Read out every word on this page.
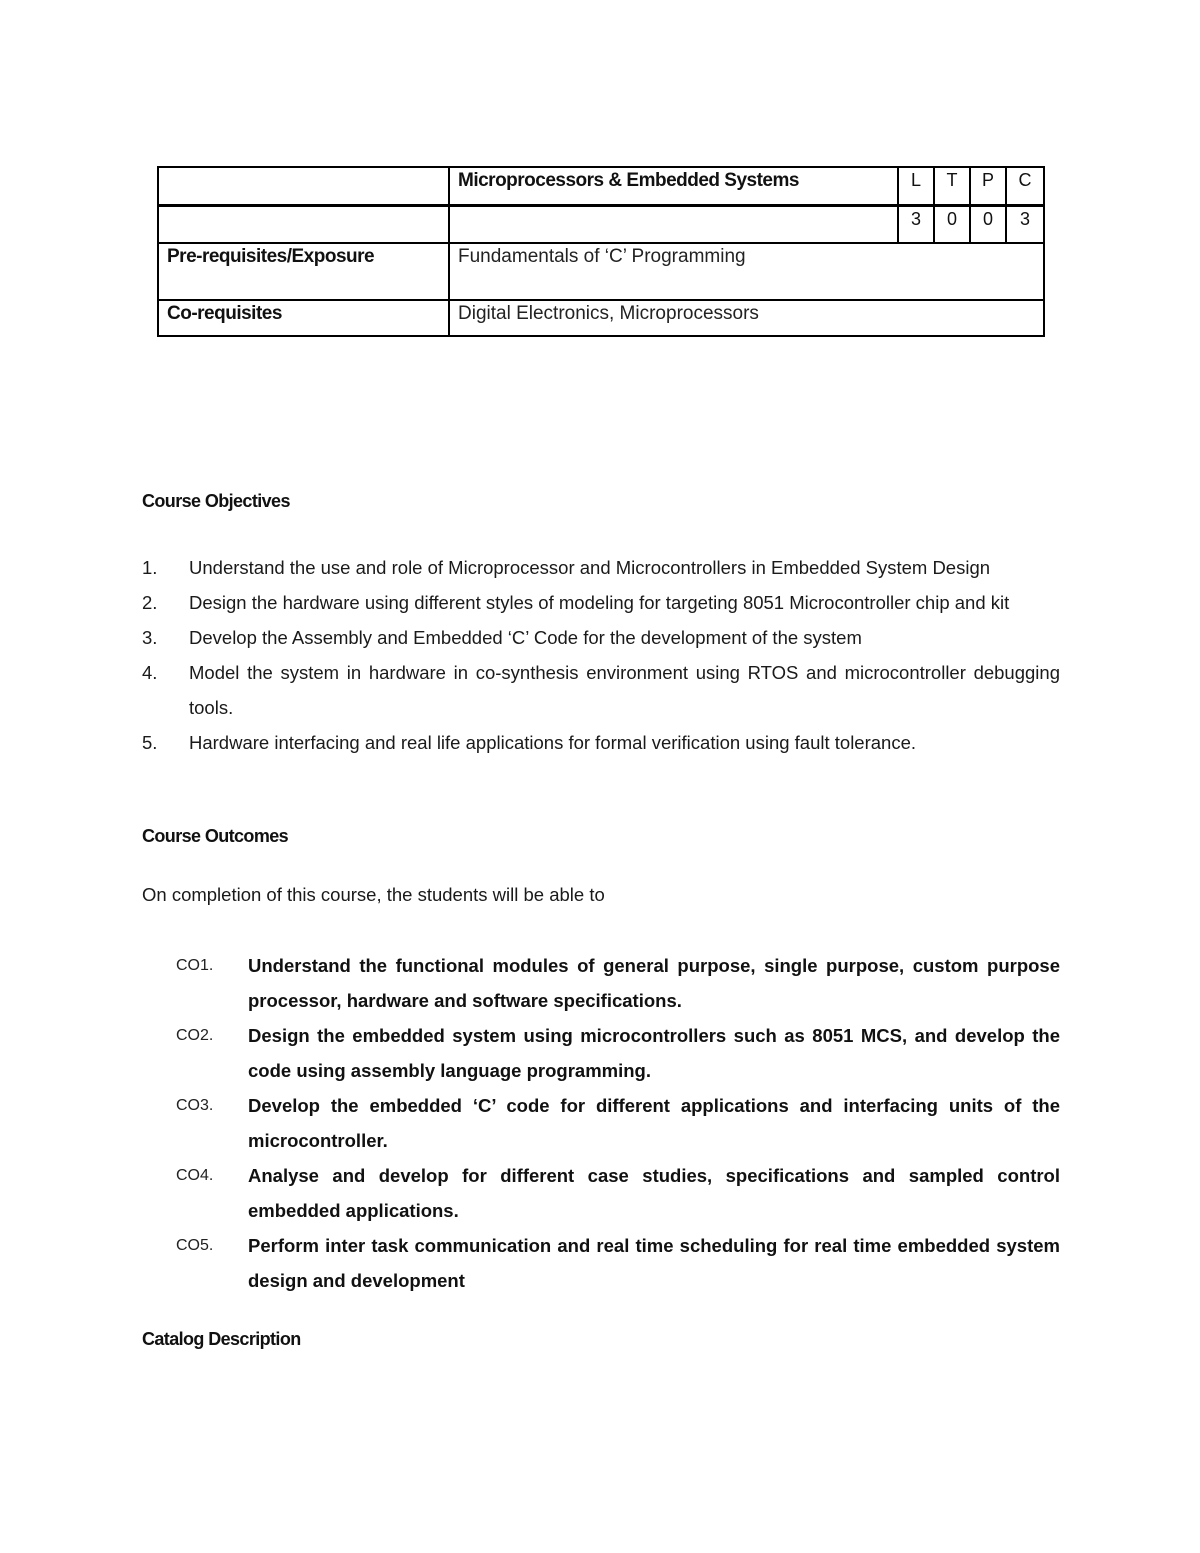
	Microprocessors & Embedded Systems	L	T	P	C
		3	0	0	3
Pre-requisites/Exposure	Fundamentals of ‘C’ Programming				
Co-requisites	Digital Electronics, Microprocessors				
Course Objectives
1. Understand the use and role of Microprocessor and Microcontrollers in Embedded System Design
2. Design the hardware using different styles of modeling for targeting 8051 Microcontroller chip and kit
3. Develop the Assembly and Embedded ‘C’ Code for the development of the system
4. Model the system in hardware in co-synthesis environment using RTOS and microcontroller debugging tools.
5. Hardware interfacing and real life applications for formal verification using fault tolerance.
Course Outcomes
On completion of this course, the students will be able to
CO1. Understand the functional modules of general purpose, single purpose, custom purpose processor, hardware and software specifications.
CO2. Design the embedded system using microcontrollers such as 8051 MCS, and develop the code using assembly language programming.
CO3. Develop the embedded ‘C’ code for different applications and interfacing units of the microcontroller.
CO4. Analyse and develop for different case studies, specifications and sampled control embedded applications.
CO5. Perform inter task communication and real time scheduling for real time embedded system design and development
Catalog Description
